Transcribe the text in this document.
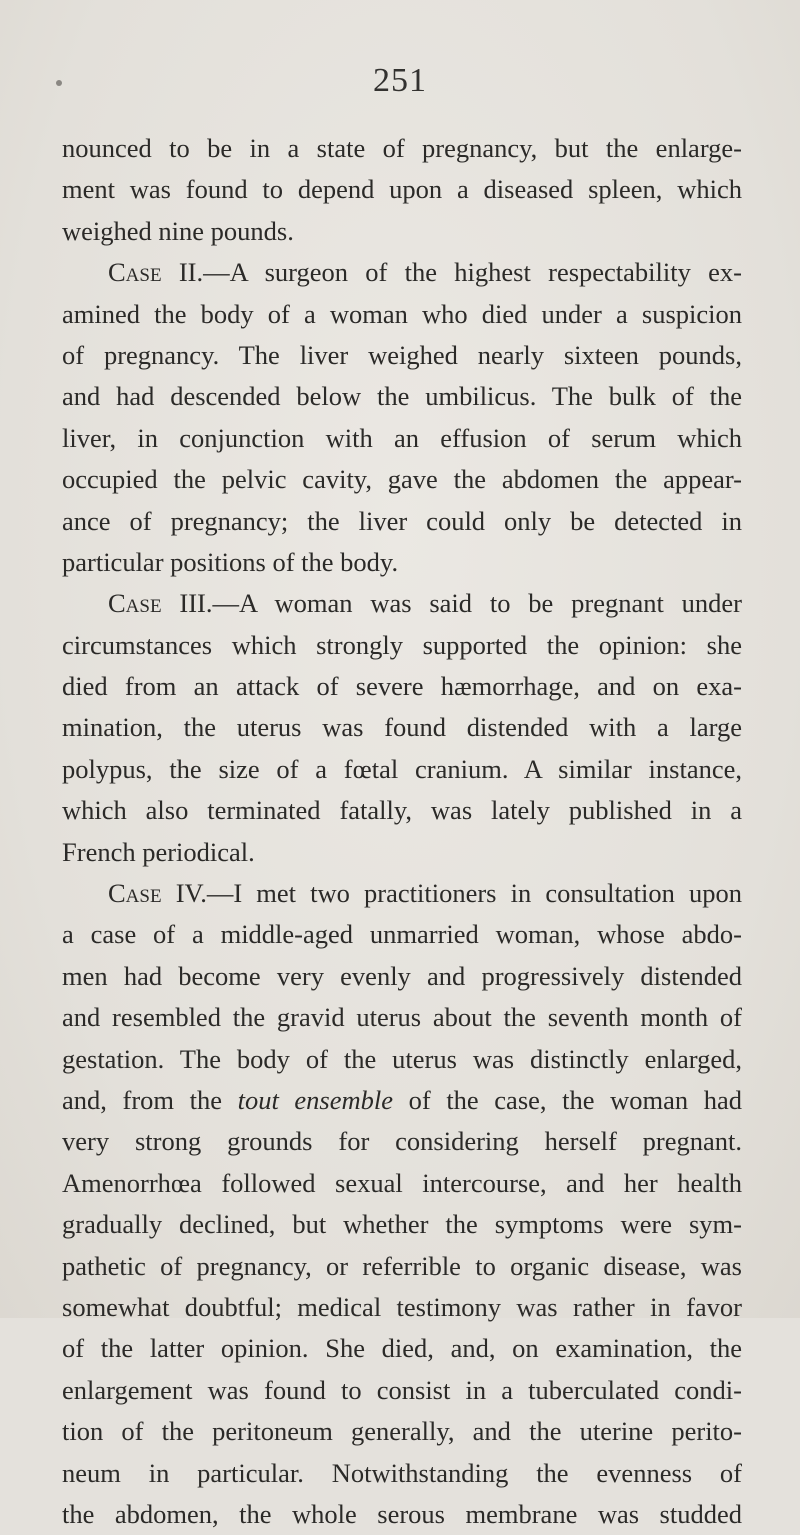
251
nounced to be in a state of pregnancy, but the enlarge-
ment was found to depend upon a diseased spleen, which
weighed nine pounds.
Case II.—A surgeon of the highest respectability ex-
amined the body of a woman who died under a suspicion
of pregnancy. The liver weighed nearly sixteen pounds,
and had descended below the umbilicus. The bulk of the
liver, in conjunction with an effusion of serum which
occupied the pelvic cavity, gave the abdomen the appear-
ance of pregnancy; the liver could only be detected in
particular positions of the body.
Case III.—A woman was said to be pregnant under
circumstances which strongly supported the opinion: she
died from an attack of severe hæmorrhage, and on exa-
mination, the uterus was found distended with a large
polypus, the size of a fœtal cranium. A similar instance,
which also terminated fatally, was lately published in a
French periodical.
Case IV.—I met two practitioners in consultation upon
a case of a middle-aged unmarried woman, whose abdo-
men had become very evenly and progressively distended
and resembled the gravid uterus about the seventh month of
gestation. The body of the uterus was distinctly enlarged,
and, from the tout ensemble of the case, the woman had
very strong grounds for considering herself pregnant.
Amenorrhœa followed sexual intercourse, and her health
gradually declined, but whether the symptoms were sym-
pathetic of pregnancy, or referrible to organic disease, was
somewhat doubtful; medical testimony was rather in favor
of the latter opinion. She died, and, on examination, the
enlargement was found to consist in a tuberculated condi-
tion of the peritoneum generally, and the uterine perito-
neum in particular. Notwithstanding the evenness of
the abdomen, the whole serous membrane was studded
